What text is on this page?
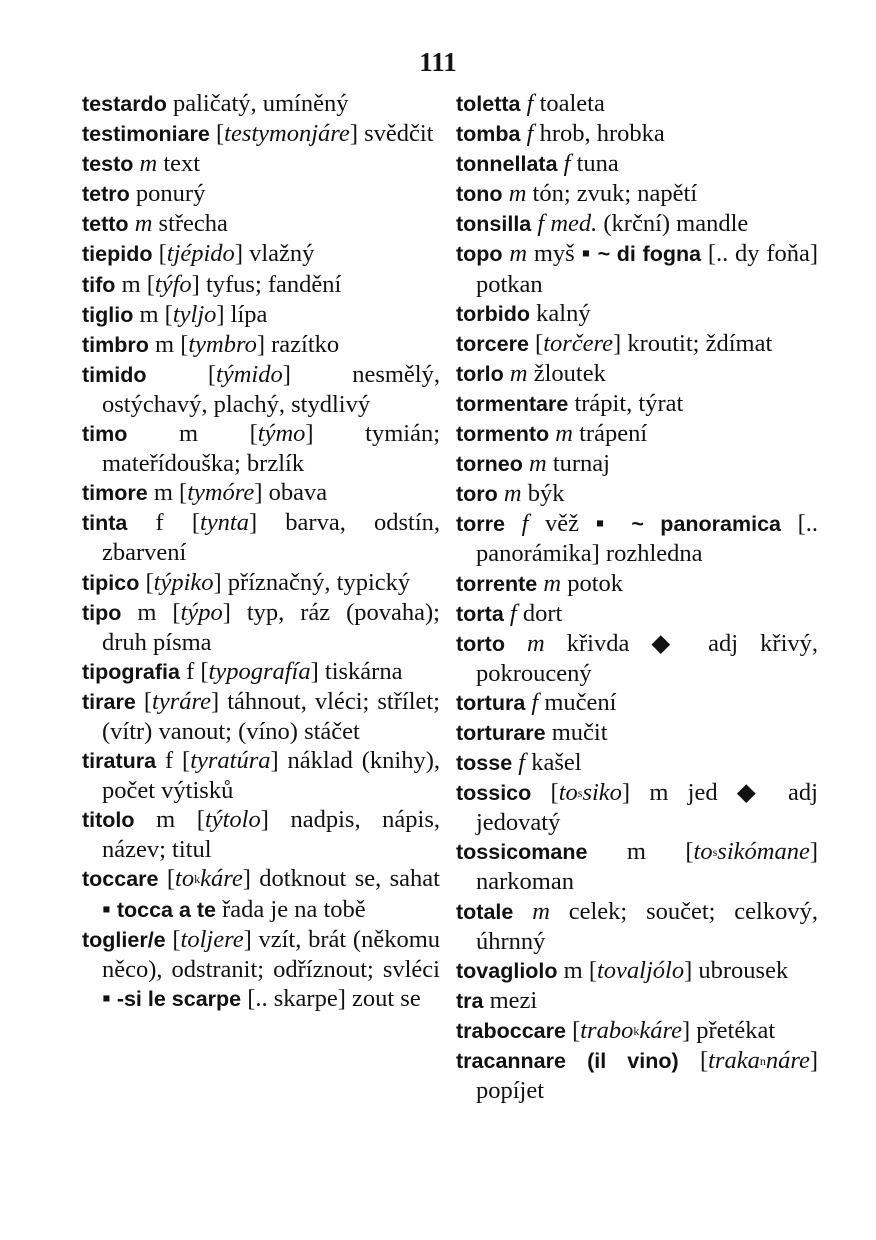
111

testardo paličatý, umíněný

testimoniare [testymonjáre] svědčit

testo m text

tetro ponurý

tetto m střecha

tiepido [tjépido] vlažný

tifo m [týfo] tyfus; fandění

tiglio m [tyljo] lípa

timbro m [tymbro] razítko

timido [týmido] nesmělý, ostýchavý, plachý, stydlivý

timo m [týmo] tymián; mateřídouška; brzlík

timore m [tymóre] obava

tinta f [tynta] barva, odstín, zbarvení

tipico [týpiko] příznačný, typický

tipo m [týpo] typ, ráz (povaha); druh písma

tipografia f [typografía] tiskárna

tirare [tyráre] táhnout, vléci; střílet; (vítr) vanout; (víno) stáčet

tiratura f [tyratúra] náklad (knihy), počet výtisků

titolo m [týtolo] nadpis, nápis, název; titul

toccare [tokkáre] dotknout se, sahat ▪ tocca a te řada je na tobě

toglier/e [toljere] vzít, brát (někomu něco), odstranit; odříznout; svléci ▪ -si le scarpe [.. skarpe] zout se

toletta f toaleta

tomba f hrob, hrobka

tonnellata f tuna

tono m tón; zvuk; napětí

tonsilla f med. (krční) mandle

topo m myš ▪ ~ di fogna [.. dy foňa] potkan

torbido kalný

torcere [torčere] kroutit; ždímat

torlo m žloutek

tormentare trápit, týrat

tormento m trápení

torneo m turnaj

toro m býk

torre f věž ▪ ~ panoramica [.. panorámika] rozhledna

torrente m potok

torta f dort

torto m křivda ◆ adj křivý, pokroucený

tortura f mučení

torturare mučit

tosse f kašel

tossico [tossiko] m jed ◆ adj jedovatý

tossicomane m [tossikómane] narkoman

totale m celek; součet; celkový, úhrnný

tovagliolo m [tovaljólo] ubrousek

tra mezi

traboccare [trabokkáre] přetékat

tracannare (il vino) [trakannáre] popíjet
